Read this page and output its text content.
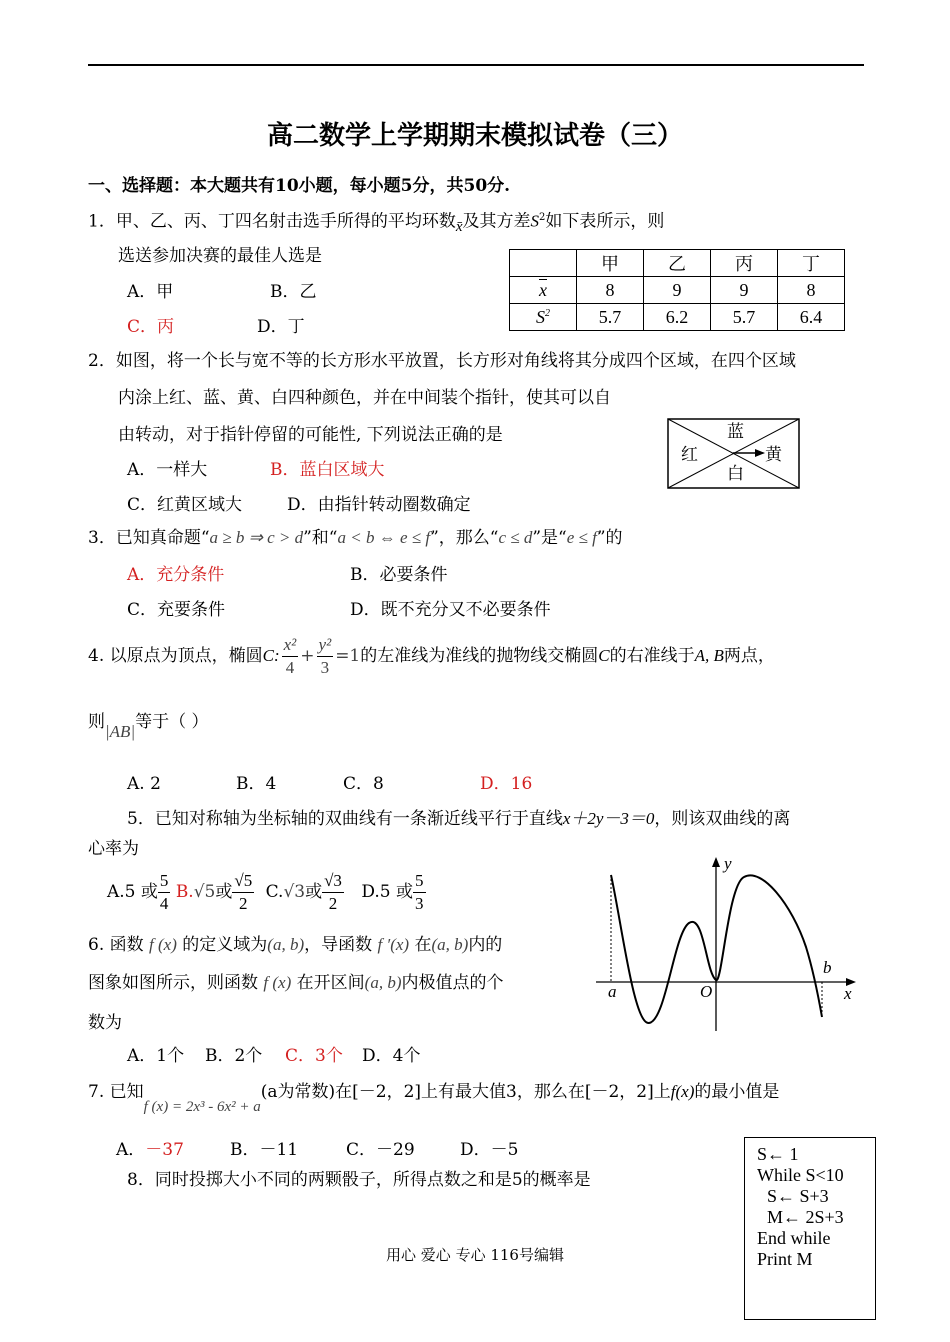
高二数学上学期期末模拟试卷（三）
一、选择题：本大题共有10小题，每小题5分，共50分.
1．甲、乙、丙、丁四名射击选手所得的平均环数x̄及其方差$S^2$如下表所示，则
选送参加决赛的最佳人选是
A．甲	B．乙
C．丙	D．丁
	甲	乙	丙	丁
$\overline{x}$	8	9	9	8
$S^2$	5.7	6.2	5.7	6.4
2．如图，将一个长与宽不等的长方形水平放置，长方形对角线将其分成四个区域，在四个区域
内涂上红、蓝、黄、白四种颜色，并在中间装个指针，使其可以自
由转动，对于指针停留的可能性, 下列说法正确的是
A．一样大	B．蓝白区域大
C．红黄区域大	D．由指针转动圈数确定
蓝
红	黄
白
3．已知真命题“a ≥ b ⇒ c > d”和“a < b ⇔ e ≤ f”，那么“c ≤ d”是“e ≤ f”的
A．充分条件	B．必要条件
C．充要条件	D．既不充分又不必要条件
4. 以原点为顶点，椭圆C: $\frac{\text{x²}}{4} + \frac{\text{y²}}{3} =1$的左准线为准线的抛物线交椭圆C的右准线于A, B两点，
则|AB|等于（ ）
A. 2	B．4	C．8	D．16
5．已知对称轴为坐标轴的双曲线有一条渐近线平行于直线x＋2y－3＝0，则该双曲线的离
心率为
A.5 或 $\frac{5}{4} B.√5$或 $\frac{√5}{2} C.√3$或 $\frac{√3}{2} D.5$ 或 $\frac{5}{3}$
6. 函数 f (x) 的定义域为(a, b)，导函数 f ′(x) 在(a, b)内的
图象如图所示，则函数 f (x) 在开区间(a, b)内极值点的个
数为
A．1个 B．2个 C．3个 D．4个
y
x
a
b
O
7. 已知f (x) = 2x³ - 6x² + a(a为常数)在[－2，2]上有最大值3，那么在[－2，2]上f(x)的最小值是
A．－37	B．－11	C．－29	D．－5
8．同时投掷大小不同的两颗骰子，所得点数之和是5的概率是
S← 1
While S<10
S← S+3
M← 2S+3
End while
Print M
用心 爱心 专心 116号编辑
